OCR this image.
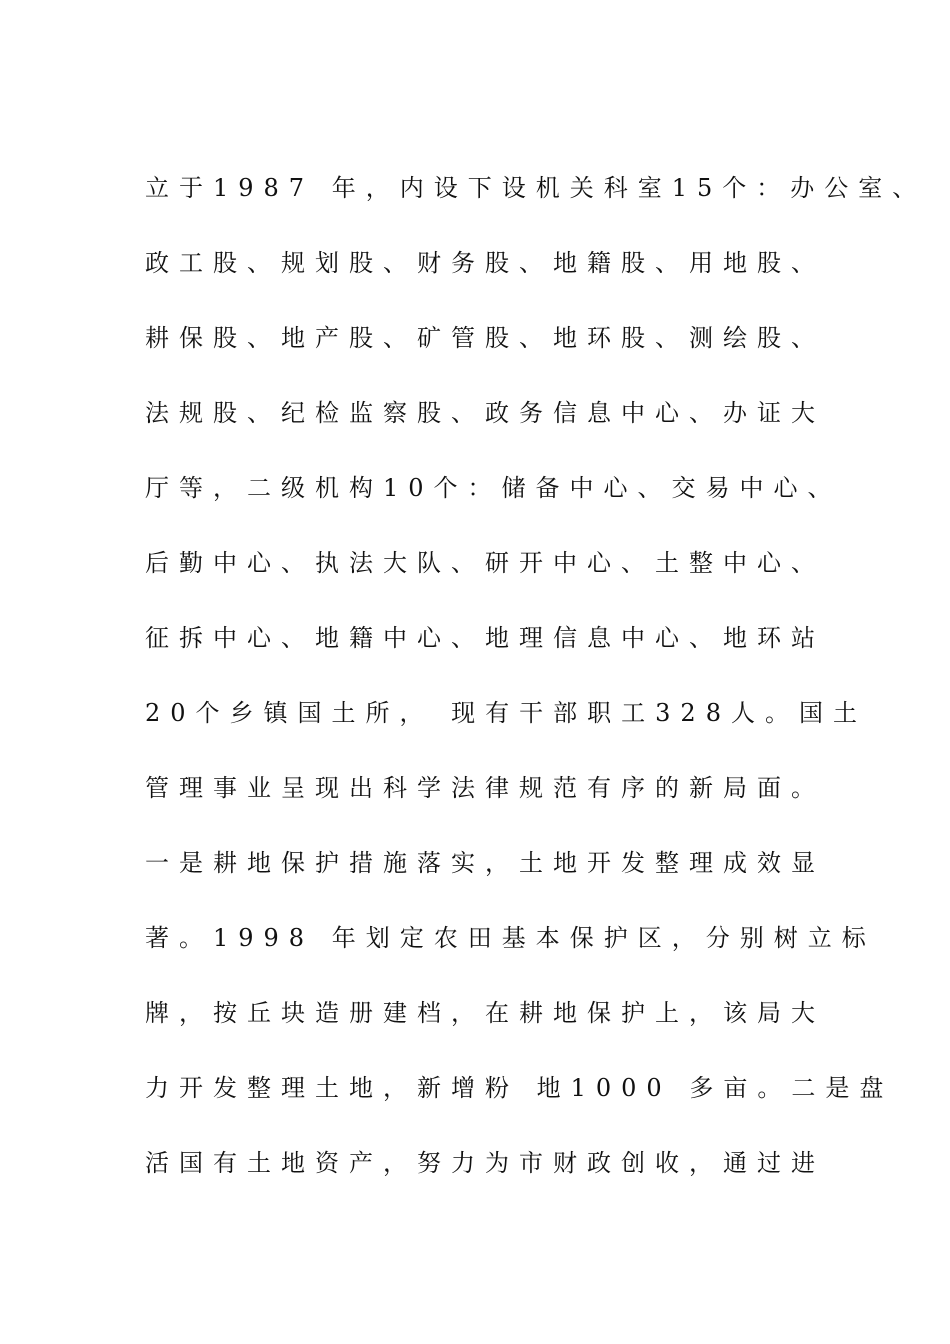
立于1987 年，内设下设机关科室15个：办公室、
政工股、规划股、财务股、地籍股、用地股、
耕保股、地产股、矿管股、地环股、测绘股、
法规股、纪检监察股、政务信息中心、办证大
厅等，二级机构10个：储备中心、交易中心、
后勤中心、执法大队、研开中心、土整中心、
征拆中心、地籍中心、地理信息中心、地环站
20个乡镇国土所， 现有干部职工328人。国土
管理事业呈现出科学法律规范有序的新局面。
一是耕地保护措施落实，土地开发整理成效显
著。1998 年划定农田基本保护区，分别树立标
牌，按丘块造册建档，在耕地保护上，该局大
力开发整理土地，新增粉 地1000 多亩。二是盘
活国有土地资产，努力为市财政创收，通过进
